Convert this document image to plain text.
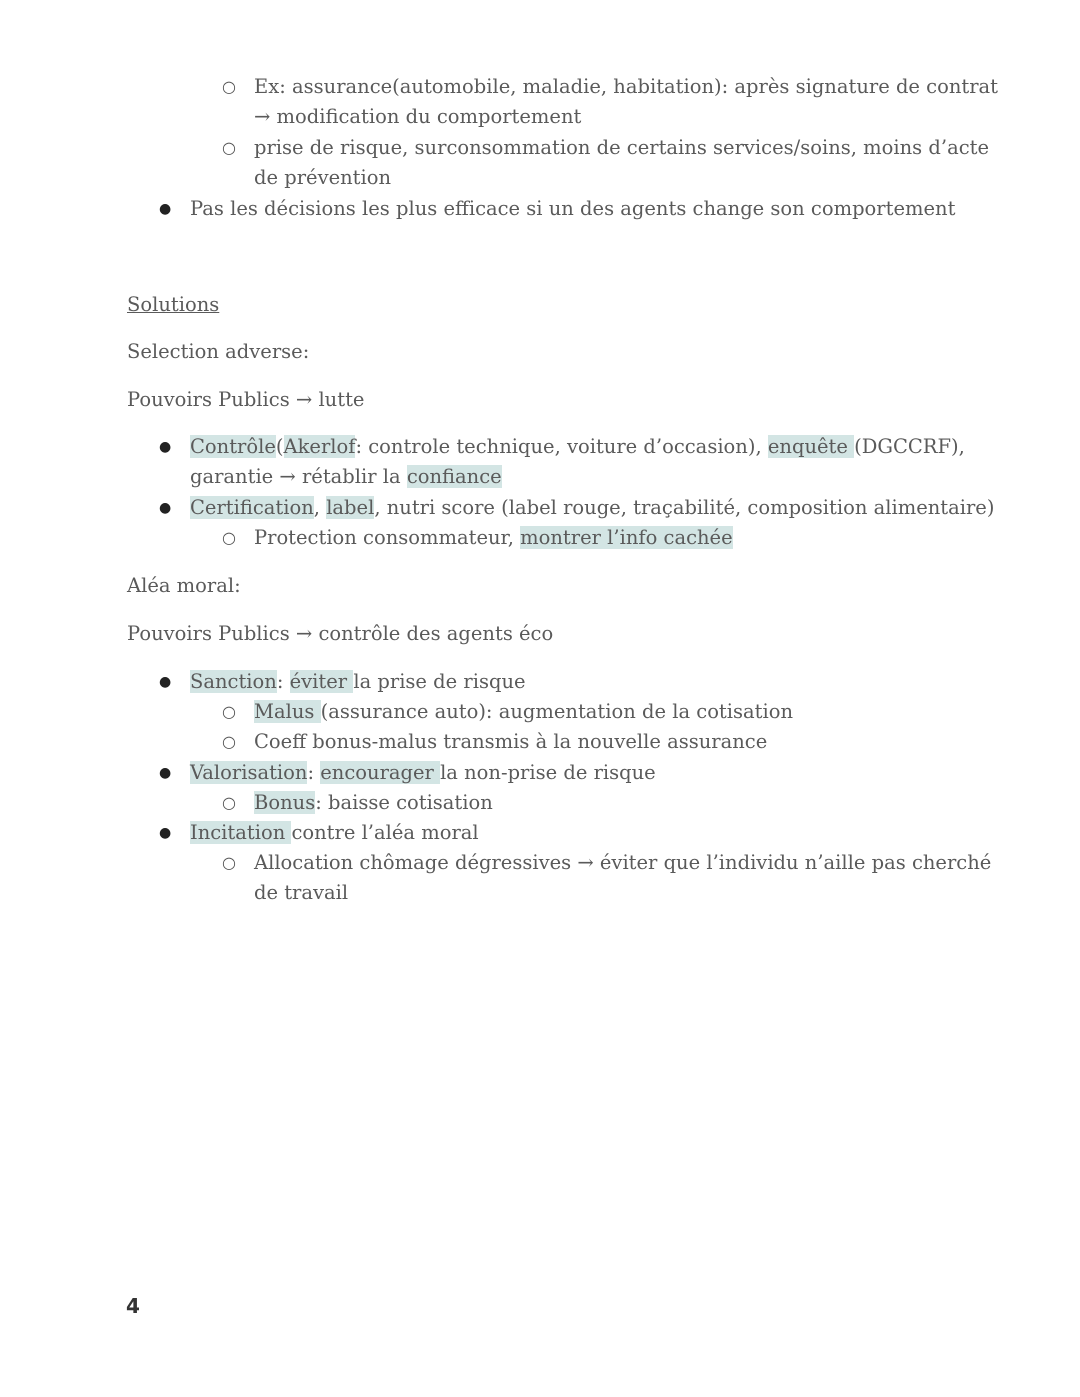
○ Ex: assurance(automobile, maladie, habitation): après signature de contrat
→ modification du comportement
○ prise de risque, surconsommation de certains services/soins, moins d’acte
de prévention
● Pas les décisions les plus efficace si un des agents change son comportement
Solutions
Selection adverse:
Pouvoirs Publics → lutte
● Contrôle(Akerlof: controle technique, voiture d’occasion), enquête (DGCCRF),
garantie → rétablir la confiance
● Certification, label, nutri score (label rouge, traçabilité, composition alimentaire)
○ Protection consommateur, montrer l’info cachée
Aléa moral:
Pouvoirs Publics → contrôle des agents éco
● Sanction: éviter la prise de risque
○ Malus (assurance auto): augmentation de la cotisation
○ Coeff bonus-malus transmis à la nouvelle assurance
● Valorisation: encourager la non-prise de risque
○ Bonus: baisse cotisation
● Incitation contre l’aléa moral
○ Allocation chômage dégressives → éviter que l’individu n’aille pas cherché
de travail
4
